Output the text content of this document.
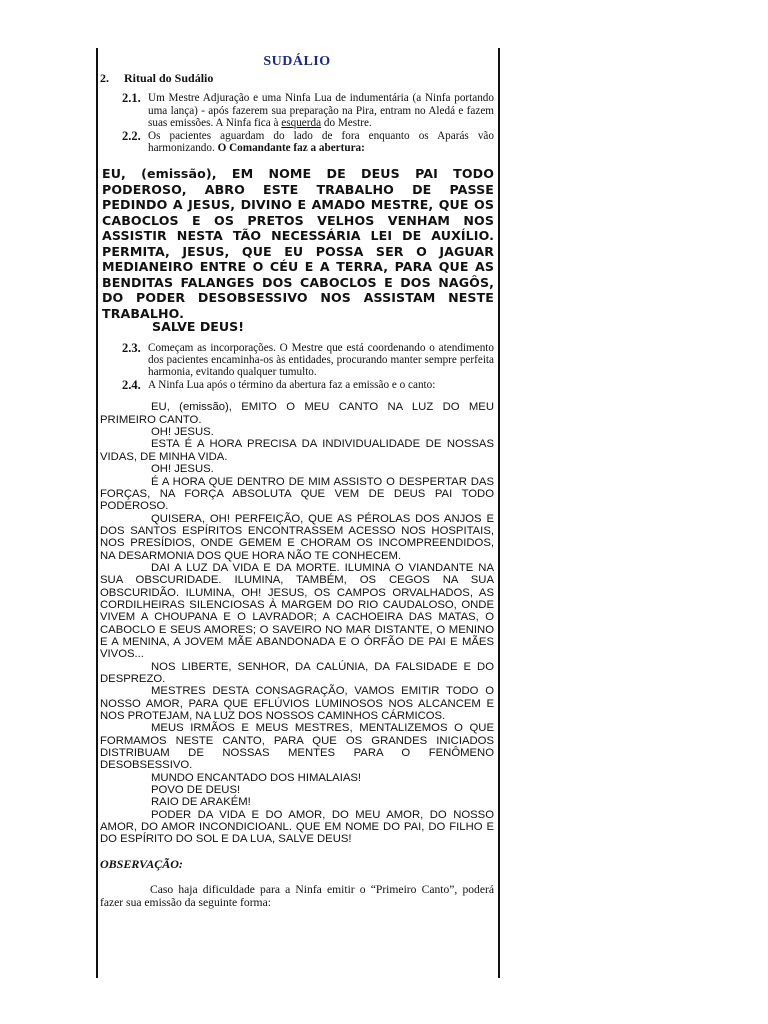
SUDÁLIO
2.	Ritual do Sudálio
2.1. Um Mestre Adjuração e uma Ninfa Lua de indumentária (a Ninfa portando uma lança) - após fazerem sua preparação na Pira, entram no Aledá e fazem suas emissões. A Ninfa fica à esquerda do Mestre.
2.2. Os pacientes aguardam do lado de fora enquanto os Aparás vão harmonizando. O Comandante faz a abertura:
EU, (emissão), EM NOME DE DEUS PAI TODO PODEROSO, ABRO ESTE TRABALHO DE PASSE PEDINDO A JESUS, DIVINO E AMADO MESTRE, QUE OS CABOCLOS E OS PRETOS VELHOS VENHAM NOS ASSISTIR NESTA TÃO NECESSÁRIA LEI DE AUXÍLIO. PERMITA, JESUS, QUE EU POSSA SER O JAGUAR MEDIANEIRO ENTRE O CÉU E A TERRA, PARA QUE AS BENDITAS FALANGES DOS CABOCLOS E DOS NAGÔS, DO PODER DESOBSESSIVO NOS ASSISTAM NESTE TRABALHO.
SALVE DEUS!
2.3. Começam as incorporações. O Mestre que está coordenando o atendimento dos pacientes encaminha-os às entidades, procurando manter sempre perfeita harmonia, evitando qualquer tumulto.
2.4. A Ninfa Lua após o término da abertura faz a emissão e o canto:

EU, (emissão), EMITO O MEU CANTO NA LUZ DO MEU PRIMEIRO CANTO.

OH! JESUS.

ESTA É A HORA PRECISA DA INDIVIDUALIDADE DE NOSSAS VIDAS, DE MINHA VIDA.

OH! JESUS.

É A HORA QUE DENTRO DE MIM ASSISTO O DESPERTAR DAS FORÇAS, NA FORÇA ABSOLUTA QUE VEM DE DEUS PAI TODO PODEROSO.

QUISERA, OH! PERFEIÇÃO, QUE AS PÉROLAS DOS ANJOS E DOS SANTOS ESPÍRITOS ENCONTRASSEM ACESSO NOS HOSPITAIS, NOS PRESÍDIOS, ONDE GEMEM E CHORAM OS INCOMPREENDIDOS, NA DESARMONIA DOS QUE HORA NÃO TE CONHECEM.

DAI A LUZ DA VIDA E DA MORTE. ILUMINA O VIANDANTE NA SUA OBSCURIDADE. ILUMINA, TAMBÉM, OS CEGOS NA SUA OBSCURIDÃO. ILUMINA, OH! JESUS, OS CAMPOS ORVALHADOS, AS CORDILHEIRAS SILENCIOSAS À MARGEM DO RIO CAUDALOSO, ONDE VIVEM A CHOUPANA E O LAVRADOR; A CACHOEIRA DAS MATAS, O CABOCLO E SEUS AMORES; O SAVEIRO NO MAR DISTANTE, O MENINO E A MENINA, A JOVEM MÃE ABANDONADA E O ÓRFÃO DE PAI E MÃES VIVOS...

NOS LIBERTE, SENHOR, DA CALÚNIA, DA FALSIDADE E DO DESPREZO.

MESTRES DESTA CONSAGRAÇÃO, VAMOS EMITIR TODO O NOSSO AMOR, PARA QUE EFLÚVIOS LUMINOSOS NOS ALCANCEM E NOS PROTEJAM, NA LUZ DOS NOSSOS CAMINHOS CÁRMICOS.

MEUS IRMÃOS E MEUS MESTRES, MENTALIZEMOS O QUE FORMAMOS NESTE CANTO, PARA QUE OS GRANDES INICIADOS DISTRIBUAM DE NOSSAS MENTES PARA O FENÔMENO DESOBSESSIVO.

MUNDO ENCANTADO DOS HIMALAIAS!

POVO DE DEUS!

RAIO DE ARAKÉM!

PODER DA VIDA E DO AMOR, DO MEU AMOR, DO NOSSO AMOR, DO AMOR INCONDICIOANL. QUE EM NOME DO PAI, DO FILHO E DO ESPÍRITO DO SOL E DA LUA, SALVE DEUS!

OBSERVAÇÃO:
Caso haja dificuldade para a Ninfa emitir o “Primeiro Canto”, poderá fazer sua emissão da seguinte forma:
